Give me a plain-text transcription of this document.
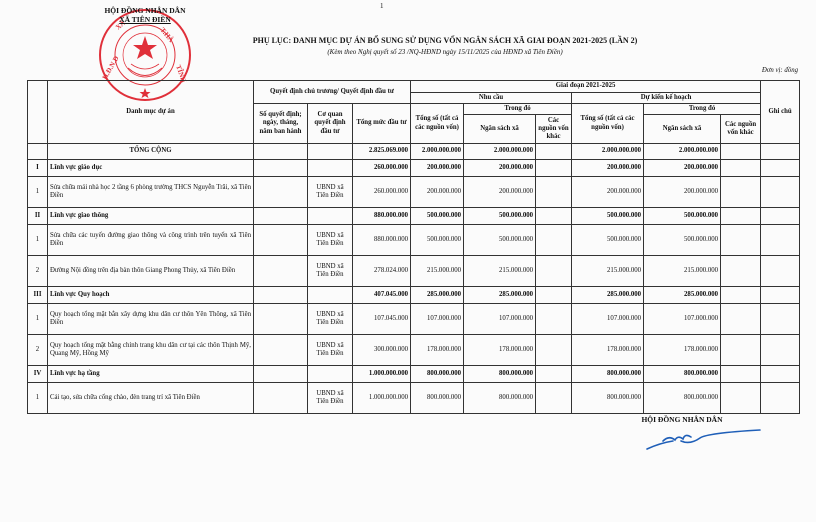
1
H.Đ.N.D
XÃ
T.HÀ
TĨNH
HỘI ĐỒNG NHÂN DÂN
XÃ TIÊN ĐIỀN
PHỤ LỤC: DANH MỤC DỰ ÁN BỔ SUNG SỬ DỤNG VỐN NGÂN SÁCH XÃ GIAI ĐOẠN 2021-2025 (LẦN 2)
(Kèm theo Nghị quyết số 23 /NQ-HĐND ngày 15/11/2025 của HĐND xã Tiên Điền)
Đơn vị: đồng
	Danh mục dự án	Quyết định chủ trương/ Quyết định đầu tư			Giai đoạn 2021-2025						Ghi chú
					Nhu cầu			Dự kiến kế hoạch			
		Số quyết định; ngày, tháng, năm ban hành	Cơ quan quyết định đầu tư	Tổng mức đầu tư	Tổng số (tất cả các nguồn vốn)	Trong đó		Tổng số (tất cả các nguồn vốn)	Trong đó		
						Ngân sách xã	Các nguồn vốn khác		Ngân sách xã	Các nguồn vốn khác	
	TỔNG CỘNG			2.825.069.000	2.000.000.000	2.000.000.000		2.000.000.000	2.000.000.000		
I	Lĩnh vực giáo dục			260.000.000	200.000.000	200.000.000		200.000.000	200.000.000		
1	Sửa chữa mái nhà học 2 tầng 6 phòng trường THCS Nguyễn Trãi, xã Tiên Điền		UBND xã Tiên Điền	260.000.000	200.000.000	200.000.000		200.000.000	200.000.000		
II	Lĩnh vực giao thông			880.000.000	500.000.000	500.000.000		500.000.000	500.000.000		
1	Sửa chữa các tuyến đường giao thông và công trình trên tuyến xã Tiên Điền		UBND xã Tiên Điền	880.000.000	500.000.000	500.000.000		500.000.000	500.000.000		
2	Đường Nội đồng trên địa bàn thôn Giang Phong Thủy, xã Tiên Điền		UBND xã Tiên Điền	278.024.000	215.000.000	215.000.000		215.000.000	215.000.000		
III	Lĩnh vực Quy hoạch			407.045.000	285.000.000	285.000.000		285.000.000	285.000.000		
1	Quy hoạch tổng mặt bằn xây dựng khu dân cư thôn Yên Thông, xã Tiên Điền		UBND xã Tiên Điền	107.045.000	107.000.000	107.000.000		107.000.000	107.000.000		
2	Quy hoạch tổng mặt bằng chỉnh trang khu dân cư tại các thôn Thịnh Mỹ, Quang Mỹ, Hồng Mỹ		UBND xã Tiên Điền	300.000.000	178.000.000	178.000.000		178.000.000	178.000.000		
IV	Lĩnh vực hạ tầng			1.000.000.000	800.000.000	800.000.000		800.000.000	800.000.000		
1	Cải tạo, sửa chữa cổng chào, đèn trang trí xã Tiên Điền		UBND xã Tiên Điền	1.000.000.000	800.000.000	800.000.000		800.000.000	800.000.000		
HỘI ĐỒNG NHÂN DÂN
